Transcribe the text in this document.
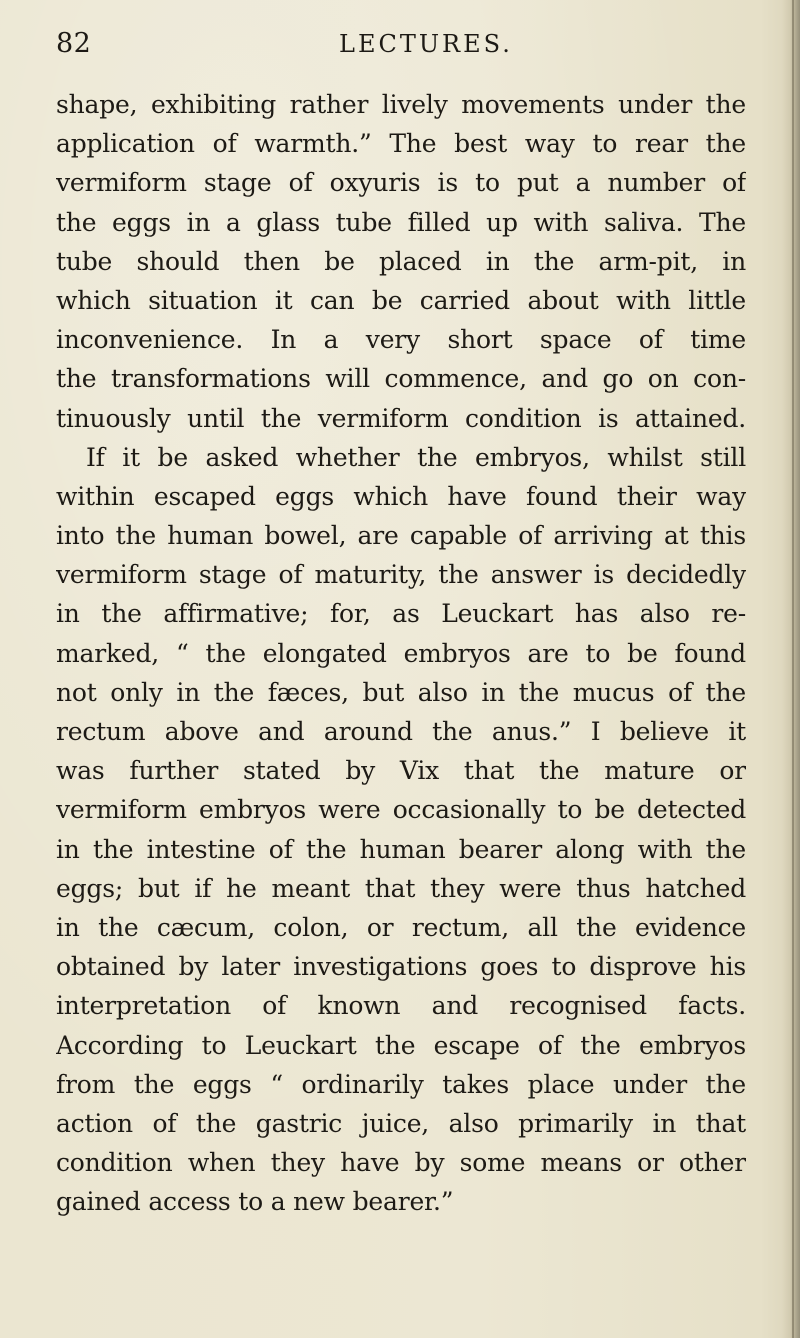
82	LECTURES.
shape, exhibiting rather lively movements under the
application of warmth.” The best way to rear the
vermiform stage of oxyuris is to put a number of
the eggs in a glass tube filled up with saliva. The
tube should then be placed in the arm-pit, in
which situation it can be carried about with little
inconvenience. In a very short space of time
the transformations will commence, and go on con-
tinuously until the vermiform condition is attained.
If it be asked whether the embryos, whilst still
within escaped eggs which have found their way
into the human bowel, are capable of arriving at this
vermiform stage of maturity, the answer is decidedly
in the affirmative; for, as Leuckart has also re-
marked, “ the elongated embryos are to be found
not only in the fæces, but also in the mucus of the
rectum above and around the anus.” I believe it
was further stated by Vix that the mature or
vermiform embryos were occasionally to be detected
in the intestine of the human bearer along with the
eggs; but if he meant that they were thus hatched
in the cæcum, colon, or rectum, all the evidence
obtained by later investigations goes to disprove his
interpretation of known and recognised facts.
According to Leuckart the escape of the embryos
from the eggs “ ordinarily takes place under the
action of the gastric juice, also primarily in that
condition when they have by some means or other
gained access to a new bearer.”
